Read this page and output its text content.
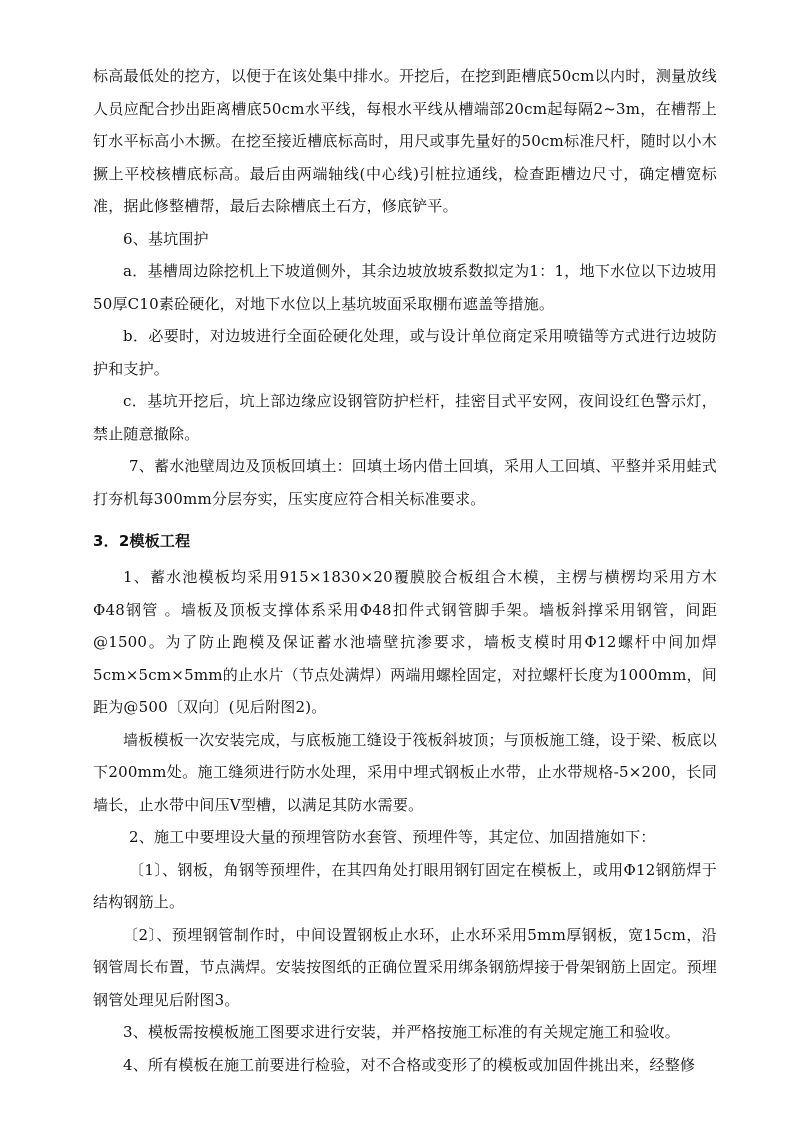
标高最低处的挖方，以便于在该处集中排水。开挖后，在挖到距槽底50cm以内时，测量放线人员应配合抄出距离槽底50cm水平线，每根水平线从槽端部20cm起每隔2~3m，在槽帮上钉水平标高小木撅。在挖至接近槽底标高时，用尺或事先量好的50cm标准尺杆，随时以小木撅上平校核槽底标高。最后由两端轴线(中心线)引桩拉通线，检查距槽边尺寸，确定槽宽标准，据此修整槽帮，最后去除槽底土石方，修底铲平。

6、基坑围护

a．基槽周边除挖机上下坡道侧外，其余边坡放坡系数拟定为1：1，地下水位以下边坡用50厚C10素砼硬化，对地下水位以上基坑坡面采取棚布遮盖等措施。

b．必要时，对边坡进行全面砼硬化处理，或与设计单位商定采用喷锚等方式进行边坡防护和支护。

c．基坑开挖后，坑上部边缘应设钢管防护栏杆，挂密目式平安网，夜间设红色警示灯，禁止随意撤除。

7、蓄水池壁周边及顶板回填土：回填土场内借土回填，采用人工回填、平整并采用蛙式打夯机每300mm分层夯实，压实度应符合相关标准要求。

3．2模板工程

1、蓄水池模板均采用915×1830×20覆膜胶合板组合木模，主楞与横楞均采用方木Φ48钢管 。墙板及顶板支撑体系采用Φ48扣件式钢管脚手架。墙板斜撑采用钢管，间距@1500。为了防止跑模及保证蓄水池墙壁抗渗要求，墙板支模时用Φ12螺杆中间加焊5cm×5cm×5mm的止水片（节点处满焊）两端用螺栓固定，对拉螺杆长度为1000mm，间距为@500〔双向〕(见后附图2)。

墙板模板一次安装完成，与底板施工缝设于筏板斜坡顶；与顶板施工缝，设于梁、板底以下200mm处。施工缝须进行防水处理，采用中埋式钢板止水带，止水带规格-5×200，长同墙长，止水带中间压V型槽，以满足其防水需要。

2、施工中要埋设大量的预埋管防水套管、预埋件等，其定位、加固措施如下：

〔1〕、钢板，角钢等预埋件，在其四角处打眼用钢钉固定在模板上，或用Φ12钢筋焊于结构钢筋上。

〔2〕、预埋钢管制作时，中间设置钢板止水环，止水环采用5mm厚钢板，宽15cm，沿钢管周长布置，节点满焊。安装按图纸的正确位置采用绑条钢筋焊接于骨架钢筋上固定。预埋钢管处理见后附图3。

3、模板需按模板施工图要求进行安装，并严格按施工标准的有关规定施工和验收。

4、所有模板在施工前要进行检验，对不合格或变形了的模板或加固件挑出来，经整修
